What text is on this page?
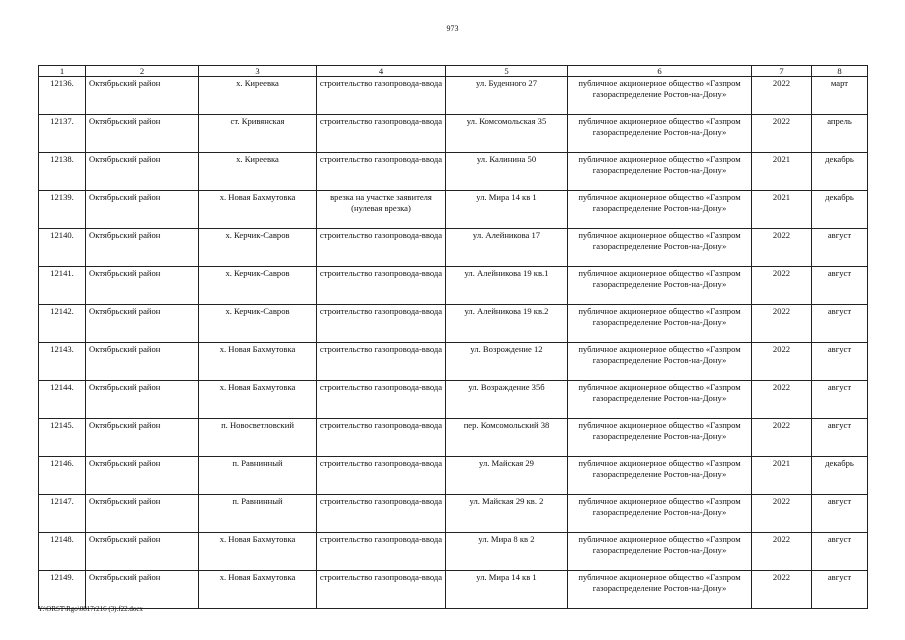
973
1	2	3	4	5	6	7	8
12136.	Октябрьский район	х. Киреевка	строительство газопровода-ввода	ул. Буденного 27	публичное акционерное общество «Газпром газораспределение Ростов-на-Дону»	2022	март
12137.	Октябрьский район	ст. Кривянская	строительство газопровода-ввода	ул. Комсомольская 35	публичное акционерное общество «Газпром газораспределение Ростов-на-Дону»	2022	апрель
12138.	Октябрьский район	х. Киреевка	строительство газопровода-ввода	ул. Калинина 50	публичное акционерное общество «Газпром газораспределение Ростов-на-Дону»	2021	декабрь
12139.	Октябрьский район	х. Новая Бахмутовка	врезка на участке заявителя (нулевая врезка)	ул. Мира 14 кв 1	публичное акционерное общество «Газпром газораспределение Ростов-на-Дону»	2021	декабрь
12140.	Октябрьский район	х. Керчик-Савров	строительство газопровода-ввода	ул. Алейникова 17	публичное акционерное общество «Газпром газораспределение Ростов-на-Дону»	2022	август
12141.	Октябрьский район	х. Керчик-Савров	строительство газопровода-ввода	ул. Алейникова 19 кв.1	публичное акционерное общество «Газпром газораспределение Ростов-на-Дону»	2022	август
12142.	Октябрьский район	х. Керчик-Савров	строительство газопровода-ввода	ул. Алейникова 19 кв.2	публичное акционерное общество «Газпром газораспределение Ростов-на-Дону»	2022	август
12143.	Октябрьский район	х. Новая Бахмутовка	строительство газопровода-ввода	ул. Возрождение 12	публичное акционерное общество «Газпром газораспределение Ростов-на-Дону»	2022	август
12144.	Октябрьский район	х. Новая Бахмутовка	строительство газопровода-ввода	ул. Возраждение 35б	публичное акционерное общество «Газпром газораспределение Ростов-на-Дону»	2022	август
12145.	Октябрьский район	п. Новосветловский	строительство газопровода-ввода	пер. Комсомольский 38	публичное акционерное общество «Газпром газораспределение Ростов-на-Дону»	2022	август
12146.	Октябрьский район	п. Равнинный	строительство газопровода-ввода	ул. Майская 29	публичное акционерное общество «Газпром газораспределение Ростов-на-Дону»	2021	декабрь
12147.	Октябрьский район	п. Равнинный	строительство газопровода-ввода	ул. Майская 29 кв. 2	публичное акционерное общество «Газпром газораспределение Ростов-на-Дону»	2022	август
12148.	Октябрьский район	х. Новая Бахмутовка	строительство газопровода-ввода	ул. Мира 8 кв 2	публичное акционерное общество «Газпром газораспределение Ростов-на-Дону»	2022	август
12149.	Октябрьский район	х. Новая Бахмутовка	строительство газопровода-ввода	ул. Мира 14 кв 1	публичное акционерное общество «Газпром газораспределение Ростов-на-Дону»	2022	август
Y:\ORST\Rgo\0817r216 (3).f22.docx
